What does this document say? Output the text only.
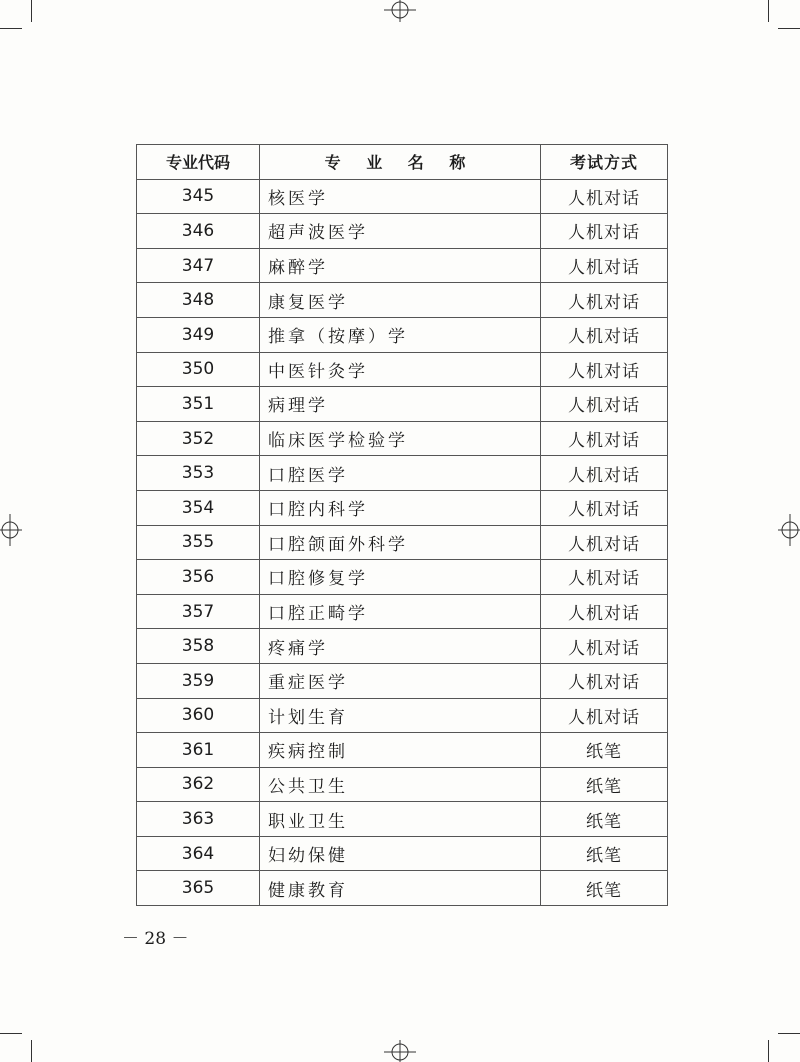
专业代码	专 业 名 称	考试方式
345	核医学	人机对话
346	超声波医学	人机对话
347	麻醉学	人机对话
348	康复医学	人机对话
349	推拿（按摩）学	人机对话
350	中医针灸学	人机对话
351	病理学	人机对话
352	临床医学检验学	人机对话
353	口腔医学	人机对话
354	口腔内科学	人机对话
355	口腔颌面外科学	人机对话
356	口腔修复学	人机对话
357	口腔正畸学	人机对话
358	疼痛学	人机对话
359	重症医学	人机对话
360	计划生育	人机对话
361	疾病控制	纸笔
362	公共卫生	纸笔
363	职业卫生	纸笔
364	妇幼保健	纸笔
365	健康教育	纸笔
－ 28 －
